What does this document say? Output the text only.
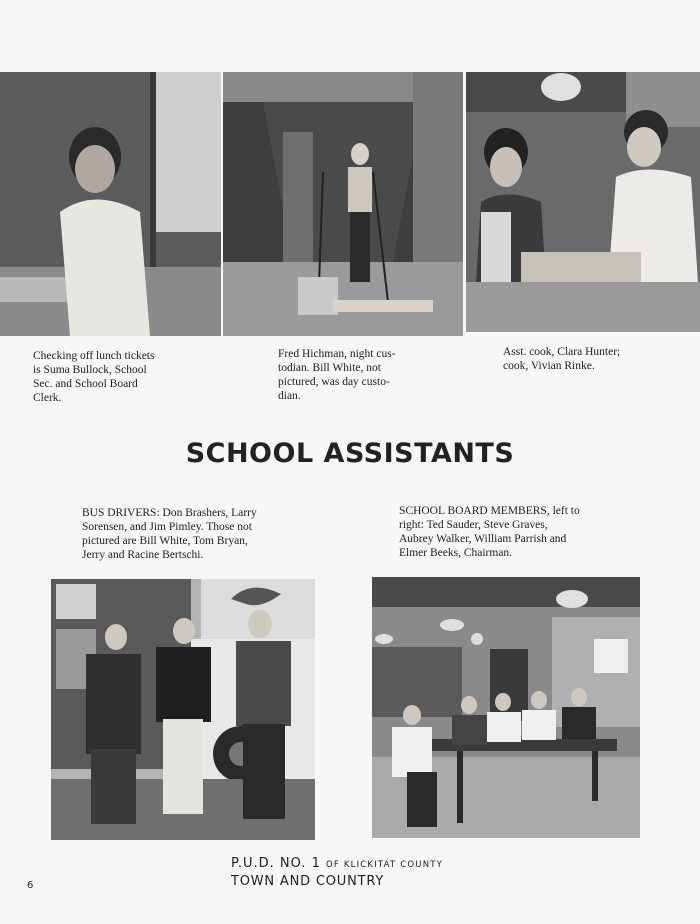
Checking off lunch tickets
is Suma Bullock, School
Sec. and School Board
Clerk.
Fred Hichman, night cus-
todian. Bill White, not
pictured, was day custo-
dian.
Asst. cook, Clara Hunter;
cook, Vivian Rinke.
SCHOOL ASSISTANTS
BUS DRIVERS: Don Brashers, Larry
Sorensen, and Jim Pimley. Those not
pictured are Bill White, Tom Bryan,
Jerry and Racine Bertschi.
SCHOOL BOARD MEMBERS, left to
right: Ted Sauder, Steve Graves,
Aubrey Walker, William Parrish and
Elmer Beeks, Chairman.
P.U.D. NO. 1 OF KLICKITAT COUNTY
TOWN AND COUNTRY
6
